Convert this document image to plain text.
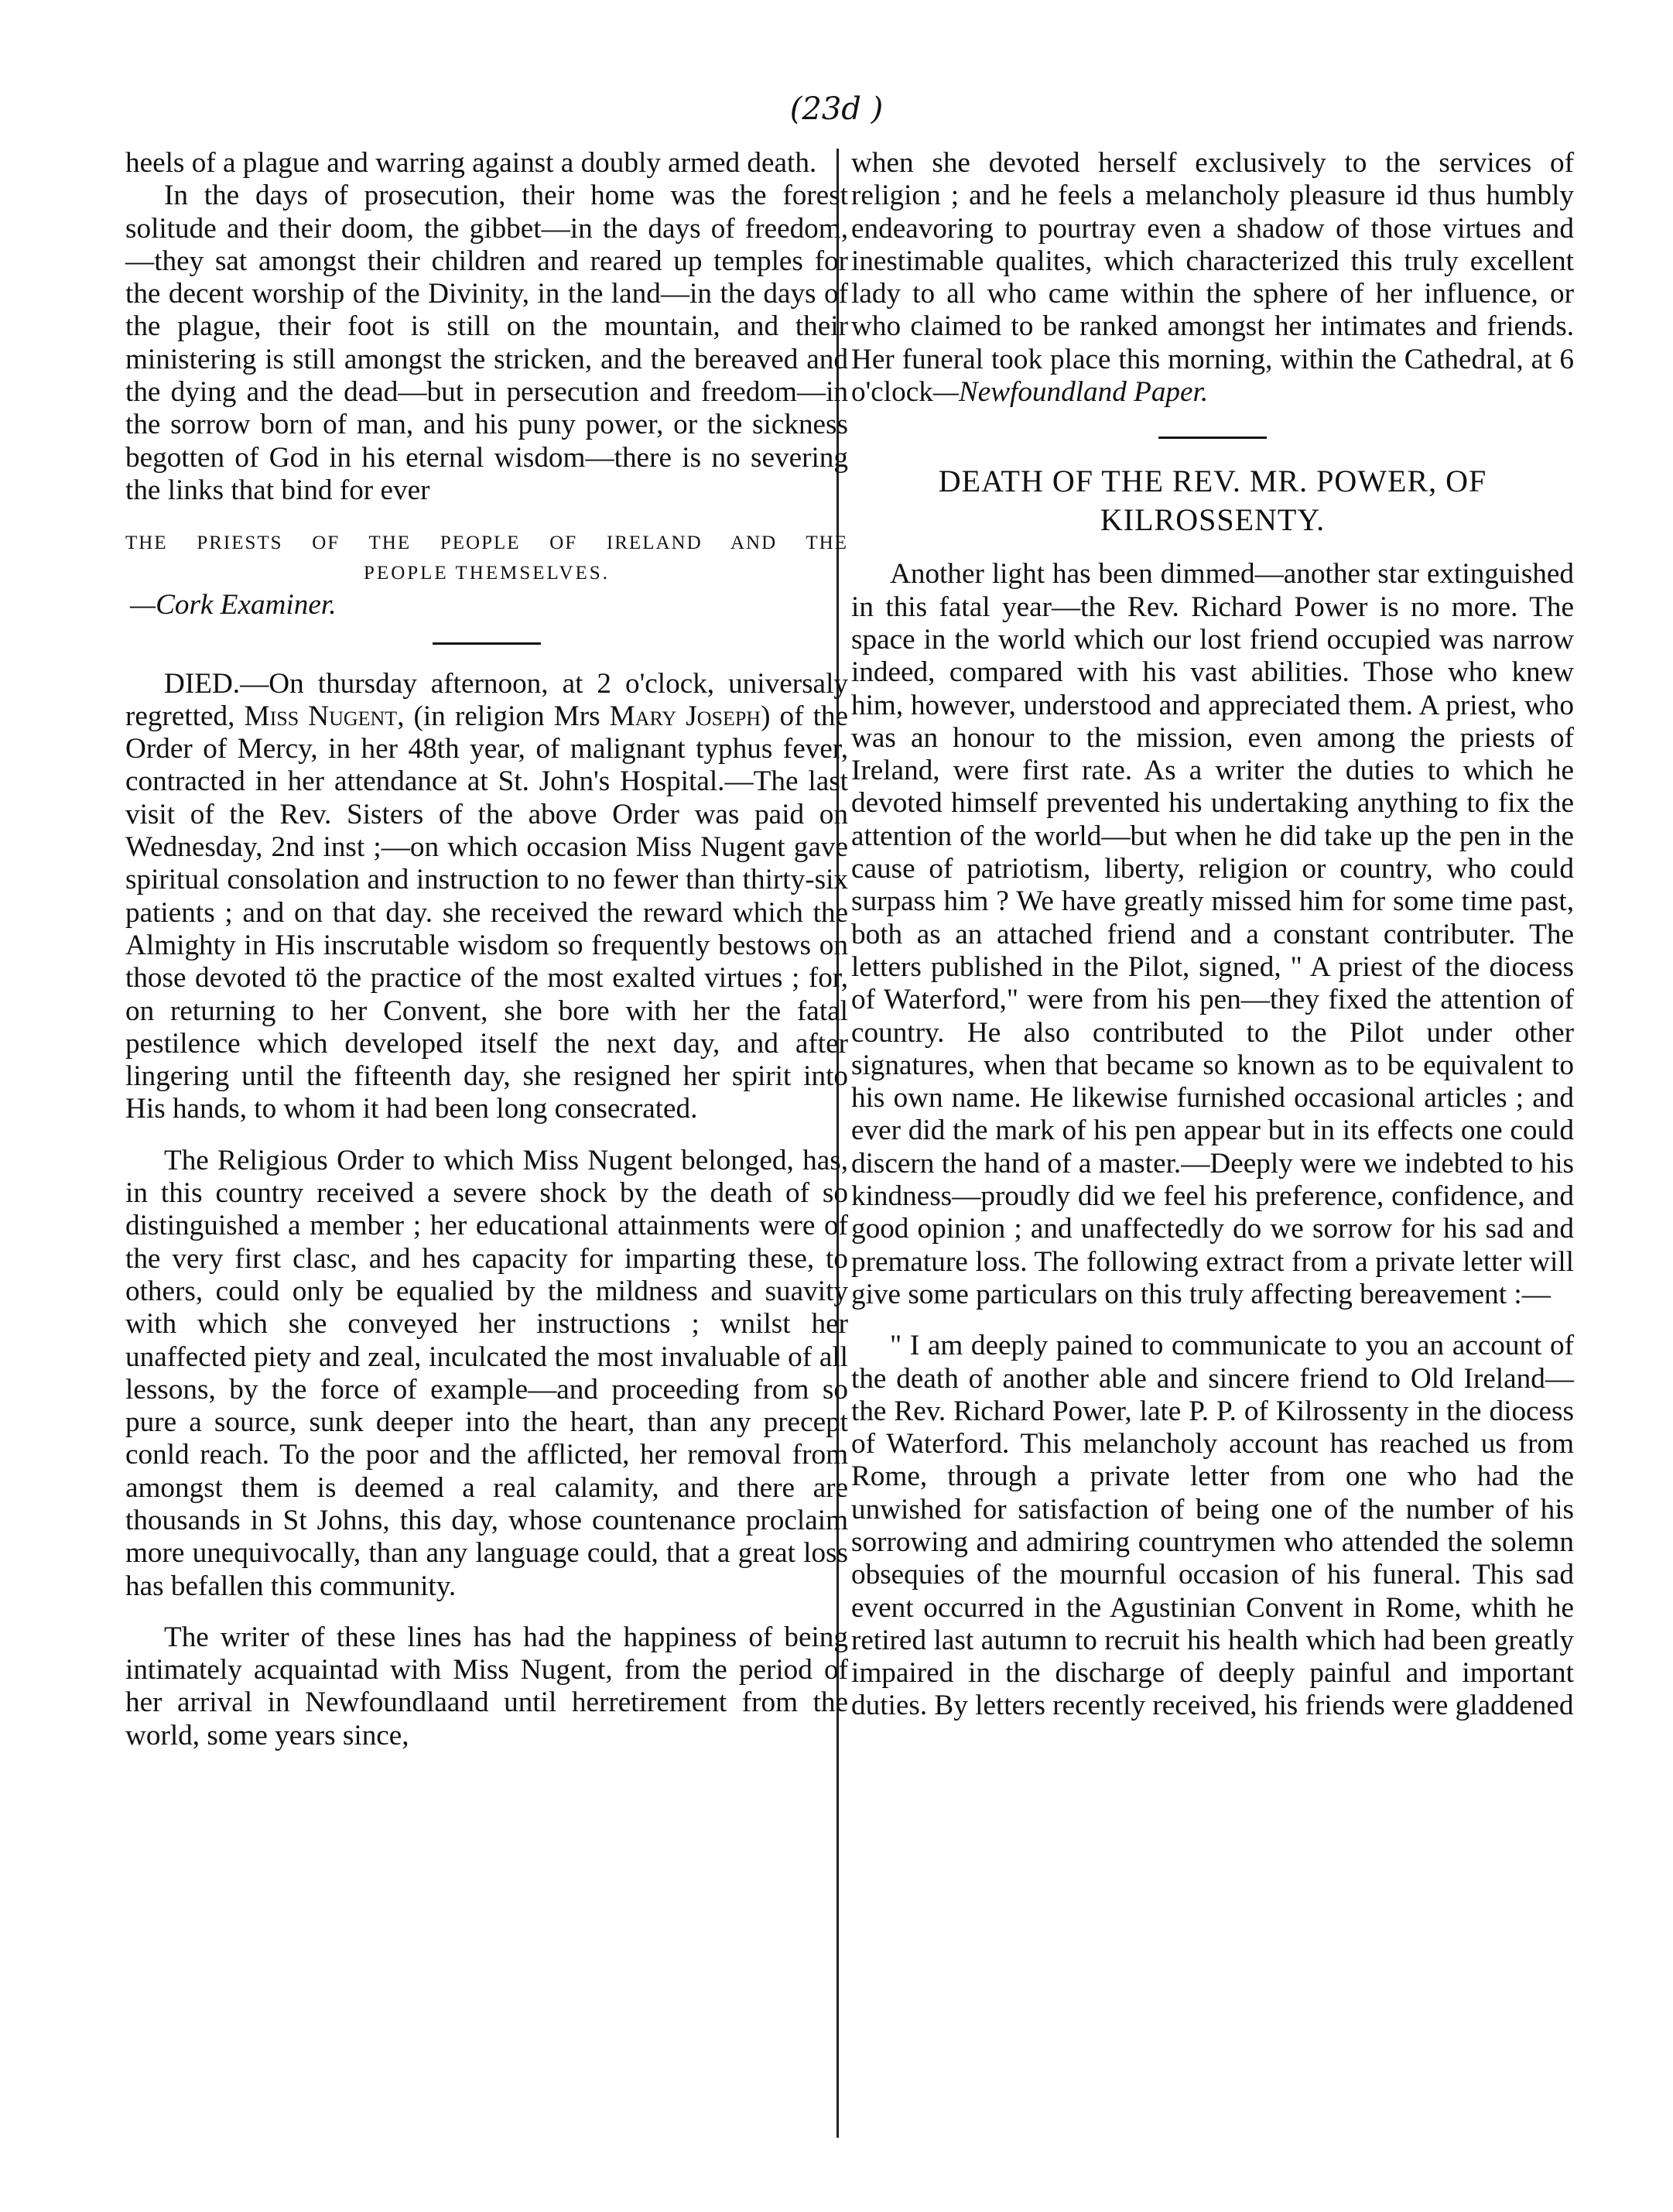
(23d )

heels of a plague and warring against a doubly armed death.

In the days of prosecution, their home was the forest solitude and their doom, the gibbet—in the days of freedom,—they sat amongst their children and reared up temples for the decent worship of the Divinity, in the land—in the days of the plague, their foot is still on the mountain, and their ministering is still amongst the stricken, and the bereaved and the dying and the dead—but in persecution and freedom—in the sorrow born of man, and his puny power, or the sickness begotten of God in his eternal wisdom—there is no severing the links that bind for ever

THE PRIESTS OF THE PEOPLE OF IRELAND AND THE

PEOPLE THEMSELVES.

—Cork Examiner.

DIED.—On thursday afternoon, at 2 o'clock, universaly regretted, Miss Nugent, (in religion Mrs Mary Joseph) of the Order of Mercy, in her 48th year, of malignant typhus fever, contracted in her attendance at St. John's Hospital.—The last visit of the Rev. Sisters of the above Order was paid on Wednesday, 2nd inst ;—on which occasion Miss Nugent gave spiritual consolation and instruction to no fewer than thirty-six patients ; and on that day. she received the reward which the Almighty in His inscrutable wisdom so frequently bestows on those devoted tö the practice of the most exalted virtues ; for, on returning to her Convent, she bore with her the fatal pestilence which developed itself the next day, and after lingering until the fifteenth day, she resigned her spirit into His hands, to whom it had been long consecrated.

The Religious Order to which Miss Nugent belonged, has, in this country received a severe shock by the death of so distinguished a member ; her educational attainments were of the very first clasc, and hes capacity for imparting these, to others, could only be equalied by the mildness and suavity with which she conveyed her instructions ; wnilst her unaffected piety and zeal, inculcated the most invaluable of all lessons, by the force of example—and proceeding from so pure a source, sunk deeper into the heart, than any precept conld reach. To the poor and the afflicted, her removal from amongst them is deemed a real calamity, and there are thousands in St Johns, this day, whose countenance proclaim more unequivocally, than any language could, that a great loss has befallen this community.

The writer of these lines has had the happiness of being intimately acquaintad with Miss Nugent, from the period of her arrival in Newfoundlaand until herretirement from the world, some years since,

when she devoted herself exclusively to the services of religion ; and he feels a melancholy pleasure id thus humbly endeavoring to pourtray even a shadow of those virtues and inestimable qualites, which characterized this truly excellent lady to all who came within the sphere of her influence, or who claimed to be ranked amongst her intimates and friends. Her funeral took place this morning, within the Cathedral, at 6 o'clock—Newfoundland Paper.

DEATH OF THE REV. MR. POWER, OF KILROSSENTY.

Another light has been dimmed—another star extinguished in this fatal year—the Rev. Richard Power is no more. The space in the world which our lost friend occupied was narrow indeed, compared with his vast abilities. Those who knew him, however, understood and appreciated them. A priest, who was an honour to the mission, even among the priests of Ireland, were first rate. As a writer the duties to which he devoted himself prevented his undertaking anything to fix the attention of the world—but when he did take up the pen in the cause of patriotism, liberty, religion or country, who could surpass him ? We have greatly missed him for some time past, both as an attached friend and a constant contributer. The letters published in the Pilot, signed, " A priest of the diocess of Waterford," were from his pen—they fixed the attention of country. He also contributed to the Pilot under other signatures, when that became so known as to be equivalent to his own name. He likewise furnished occasional articles ; and ever did the mark of his pen appear but in its effects one could discern the hand of a master.—Deeply were we indebted to his kindness—proudly did we feel his preference, confidence, and good opinion ; and unaffectedly do we sorrow for his sad and premature loss. The following extract from a private letter will give some particulars on this truly affecting bereavement :—

" I am deeply pained to communicate to you an account of the death of another able and sincere friend to Old Ireland—the Rev. Richard Power, late P. P. of Kilrossenty in the diocess of Waterford. This melancholy account has reached us from Rome, through a private letter from one who had the unwished for satisfaction of being one of the number of his sorrowing and admiring countrymen who attended the solemn obsequies of the mournful occasion of his funeral. This sad event occurred in the Agustinian Convent in Rome, whith he retired last autumn to recruit his health which had been greatly impaired in the discharge of deeply painful and important duties. By letters recently received, his friends were gladdened
